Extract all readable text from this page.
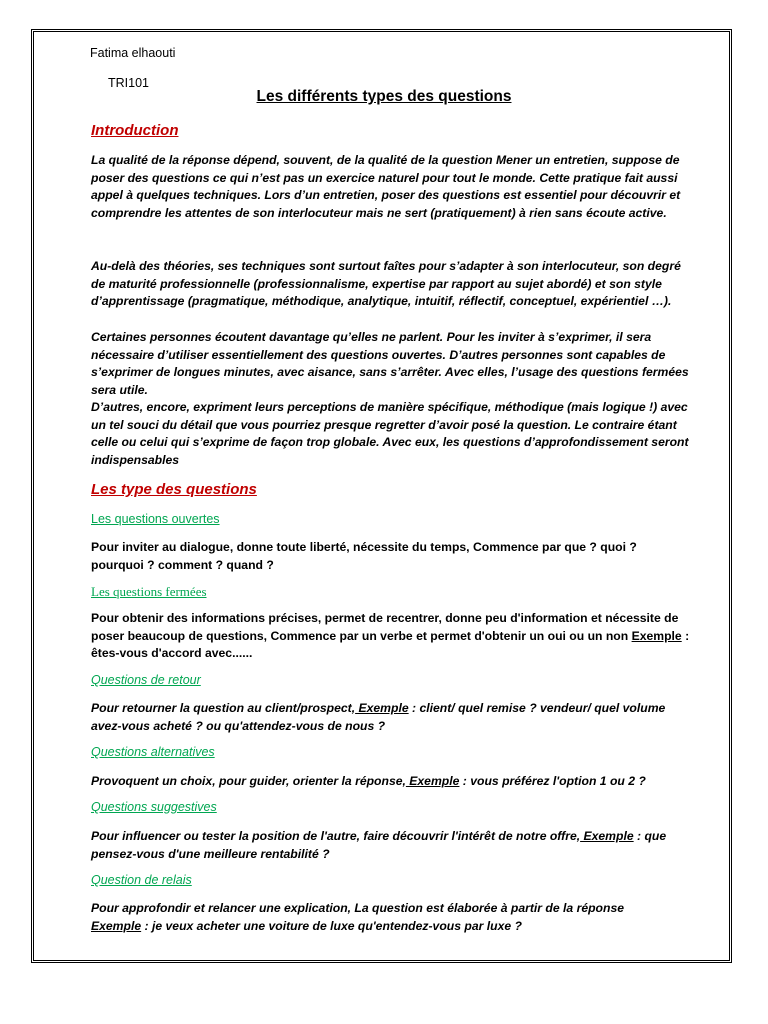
Fatima elhaouti

TRI101

Les différents types des questions
Introduction

La qualité de la réponse dépend, souvent, de la qualité de la question Mener un entretien, suppose de poser des questions ce qui n’est pas un exercice naturel pour tout le monde. Cette pratique fait aussi appel à quelques techniques. Lors d’un entretien, poser des questions est essentiel pour découvrir et comprendre les attentes de son interlocuteur mais ne sert (pratiquement) à rien sans écoute active.

Au-delà des théories, ses techniques sont surtout faîtes pour s’adapter à son interlocuteur, son degré de maturité professionnelle (professionnalisme, expertise par rapport au sujet abordé) et son style d’apprentissage (pragmatique, méthodique, analytique, intuitif, réflectif, conceptuel, expérientiel …).

Certaines personnes écoutent davantage qu’elles ne parlent. Pour les inviter à s’exprimer, il sera nécessaire d’utiliser essentiellement des questions ouvertes. D’autres personnes sont capables de s’exprimer de longues minutes, avec aisance, sans s’arrêter. Avec elles, l’usage des questions fermées sera utile.

D’autres, encore, expriment leurs perceptions de manière spécifique, méthodique (mais logique !) avec un tel souci du détail que vous pourriez presque regretter d’avoir posé la question. Le contraire étant celle ou celui qui s’exprime de façon trop globale. Avec eux, les questions d’approfondissement seront indispensables

Les type des questions

Les questions ouvertes

Pour inviter au dialogue, donne toute liberté, nécessite du temps, Commence par que ? quoi ? pourquoi ? comment ? quand ?

Les questions fermées

Pour obtenir des informations précises, permet de recentrer, donne peu d'information et nécessite de poser beaucoup de questions, Commence par un verbe et permet d'obtenir un oui ou un non Exemple : êtes-vous d'accord avec......

Questions de retour

Pour retourner la question au client/prospect, Exemple : client/ quel remise ? vendeur/ quel volume avez-vous acheté ? ou qu'attendez-vous de nous ?

Questions alternatives

Provoquent un choix, pour guider, orienter la réponse, Exemple : vous préférez l'option 1 ou 2 ?

Questions suggestives

Pour influencer ou tester la position de l'autre, faire découvrir l'intérêt de notre offre, Exemple : que pensez-vous d'une meilleure rentabilité ?

Question de relais

Pour approfondir et relancer une explication, La question est élaborée à partir de la réponse
Exemple : je veux acheter une voiture de luxe qu'entendez-vous par luxe ?
